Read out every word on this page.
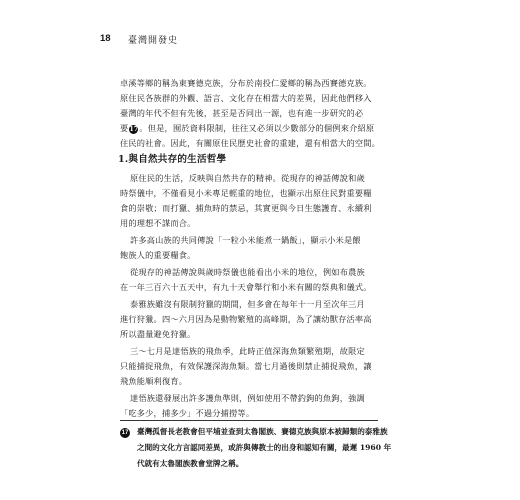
18 臺灣開發史
卓溪等鄉的稱為東賽德克族，分布於南投仁愛鄉的稱為西賽德克族。
原住民各族群的外觀、語言、文化存在相當大的差異，因此他們移入
臺灣的年代不但有先後，甚至是否同出一源，也有進一步研究的必
要17。但是，囿於資料限制，往往又必須以少數部分的個例來介紹原
住民的社會。因此，有關原住民歷史社會的重建，還有相當大的空間。
1.與自然共存的生活哲學
原住民的生活，反映與自然共存的精神。從現存的神話傳說和歲
時祭儀中，不僅看見小米專足輕重的地位，也顯示出原住民對重要糧
食的崇敬；而打獵、捕魚時的禁忌，其實更與今日生態護育、永續利
用的理想不謀而合。
許多高山族的共同傳說「一粒小米能煮一鍋飯」，顯示小米是餵
飽族人的重要糧食。
從現存的神話傳說與歲時祭儀也能看出小米的地位，例如布農族
在一年三百六十五天中，有九十天會舉行和小米有關的祭典和儀式。
泰雅族雖沒有限制狩獵的期間，但多會在每年十一月至次年三月
進行狩獵。四～六月因為是動物繁殖的高峰期，為了讓幼獸存活率高
所以盡量避免狩獵。
三～七月是達悟族的飛魚季，此時正值深海魚類繁殖期，故限定
只能捕捉飛魚，有效保護深海魚類。當七月過後則禁止捕捉飛魚，讓
飛魚能順利復育。
達悟族還發展出許多護魚準則，例如使用不帶釣鉤的魚鉤，強調
「吃多少，捕多少」不過分捕撈等。
17 臺灣孤督長老教會但平埔並查到太魯閣族、賽德克族與原本被歸類的泰雅族
之間的文化方言認同差異，或許與傳教士的出身和認知有關，最遲 1960 年
代就有太魯閣族教會堂牌之稱。
